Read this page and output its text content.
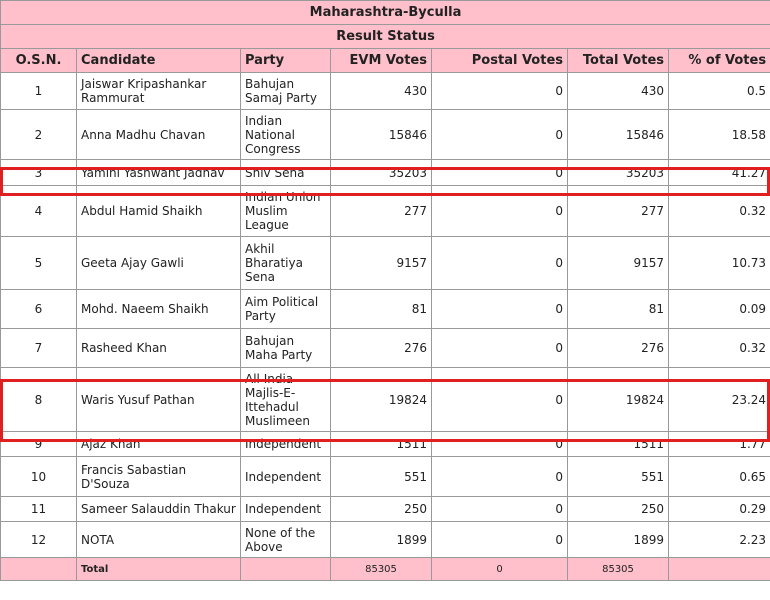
Maharashtra-Byculla						
Result Status						
O.S.N.	Candidate	Party	EVM Votes	Postal Votes	Total Votes	% of Votes
1	Jaiswar Kripashankar Rammurat	Bahujan Samaj Party	430	0	430	0.5
2	Anna Madhu Chavan	Indian National Congress	15846	0	15846	18.58
3	Yamini Yashwant Jadhav	Shiv Sena	35203	0	35203	41.27
4	Abdul Hamid Shaikh	Indian Union Muslim League	277	0	277	0.32
5	Geeta Ajay Gawli	Akhil Bharatiya Sena	9157	0	9157	10.73
6	Mohd. Naeem Shaikh	Aim Political Party	81	0	81	0.09
7	Rasheed Khan	Bahujan Maha Party	276	0	276	0.32
8	Waris Yusuf Pathan	All India Majlis-E-Ittehadul Muslimeen	19824	0	19824	23.24
9	Ajaz Khan	Independent	1511	0	1511	1.77
10	Francis Sabastian D'Souza	Independent	551	0	551	0.65
11	Sameer Salauddin Thakur	Independent	250	0	250	0.29
12	NOTA	None of the Above	1899	0	1899	2.23
	Total		85305	0	85305	
